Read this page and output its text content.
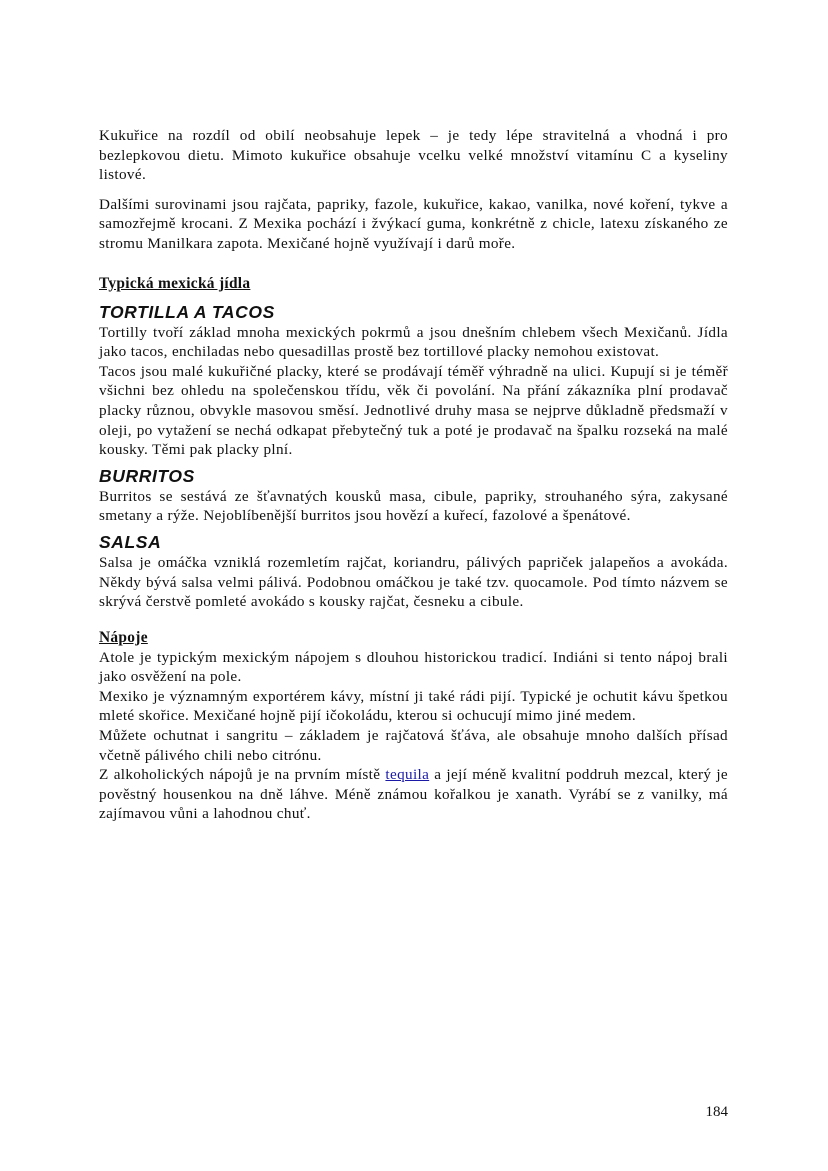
Kukuřice na rozdíl od obilí neobsahuje lepek – je tedy lépe stravitelná a vhodná i pro bezlepkovou dietu. Mimoto kukuřice obsahuje vcelku velké množství vitamínu C a kyseliny listové.

Dalšími surovinami jsou rajčata, papriky, fazole, kukuřice, kakao, vanilka, nové koření, tykve a samozřejmě krocani. Z Mexika pochází i žvýkací guma, konkrétně z chicle, latexu získaného ze stromu Manilkara zapota. Mexičané hojně využívají i darů moře.

Typická mexická jídla
TORTILLA A TACOS

Tortilly tvoří základ mnoha mexických pokrmů a jsou dnešním chlebem všech Mexičanů. Jídla jako tacos, enchiladas nebo quesadillas prostě bez tortillové placky nemohou existovat.

Tacos jsou malé kukuřičné placky, které se prodávají téměř výhradně na ulici. Kupují si je téměř všichni bez ohledu na společenskou třídu, věk či povolání. Na přání zákazníka plní prodavač placky různou, obvykle masovou směsí. Jednotlivé druhy masa se nejprve důkladně předsmaží v oleji, po vytažení se nechá odkapat přebytečný tuk a poté je prodavač na špalku rozseká na malé kousky. Těmi pak placky plní.

BURRITOS

Burritos se sestává ze šťavnatých kousků masa, cibule, papriky, strouhaného sýra, zakysané smetany a rýže. Nejoblíbenější burritos jsou hovězí a kuřecí, fazolové a špenátové.

SALSA

Salsa je omáčka vzniklá rozemletím rajčat, koriandru, pálivých papriček jalapeňos a avokáda. Někdy bývá salsa velmi pálivá. Podobnou omáčkou je také tzv. quocamole. Pod tímto názvem se skrývá čerstvě pomleté avokádo s kousky rajčat, česneku a cibule.

Nápoje

Atole je typickým mexickým nápojem s dlouhou historickou tradicí. Indiáni si tento nápoj brali jako osvěžení na pole.

Mexiko je významným exportérem kávy, místní ji také rádi pijí. Typické je ochutit kávu špetkou mleté skořice. Mexičané hojně pijí ičokoládu, kterou si ochucují mimo jiné medem.

Můžete ochutnat i sangritu – základem je rajčatová šťáva, ale obsahuje mnoho dalších přísad včetně pálivého chili nebo citrónu.

Z alkoholických nápojů je na prvním místě tequila a její méně kvalitní poddruh mezcal, který je pověstný housenkou na dně láhve. Méně známou kořalkou je xanath. Vyrábí se z vanilky, má zajímavou vůni a lahodnou chuť.

184
